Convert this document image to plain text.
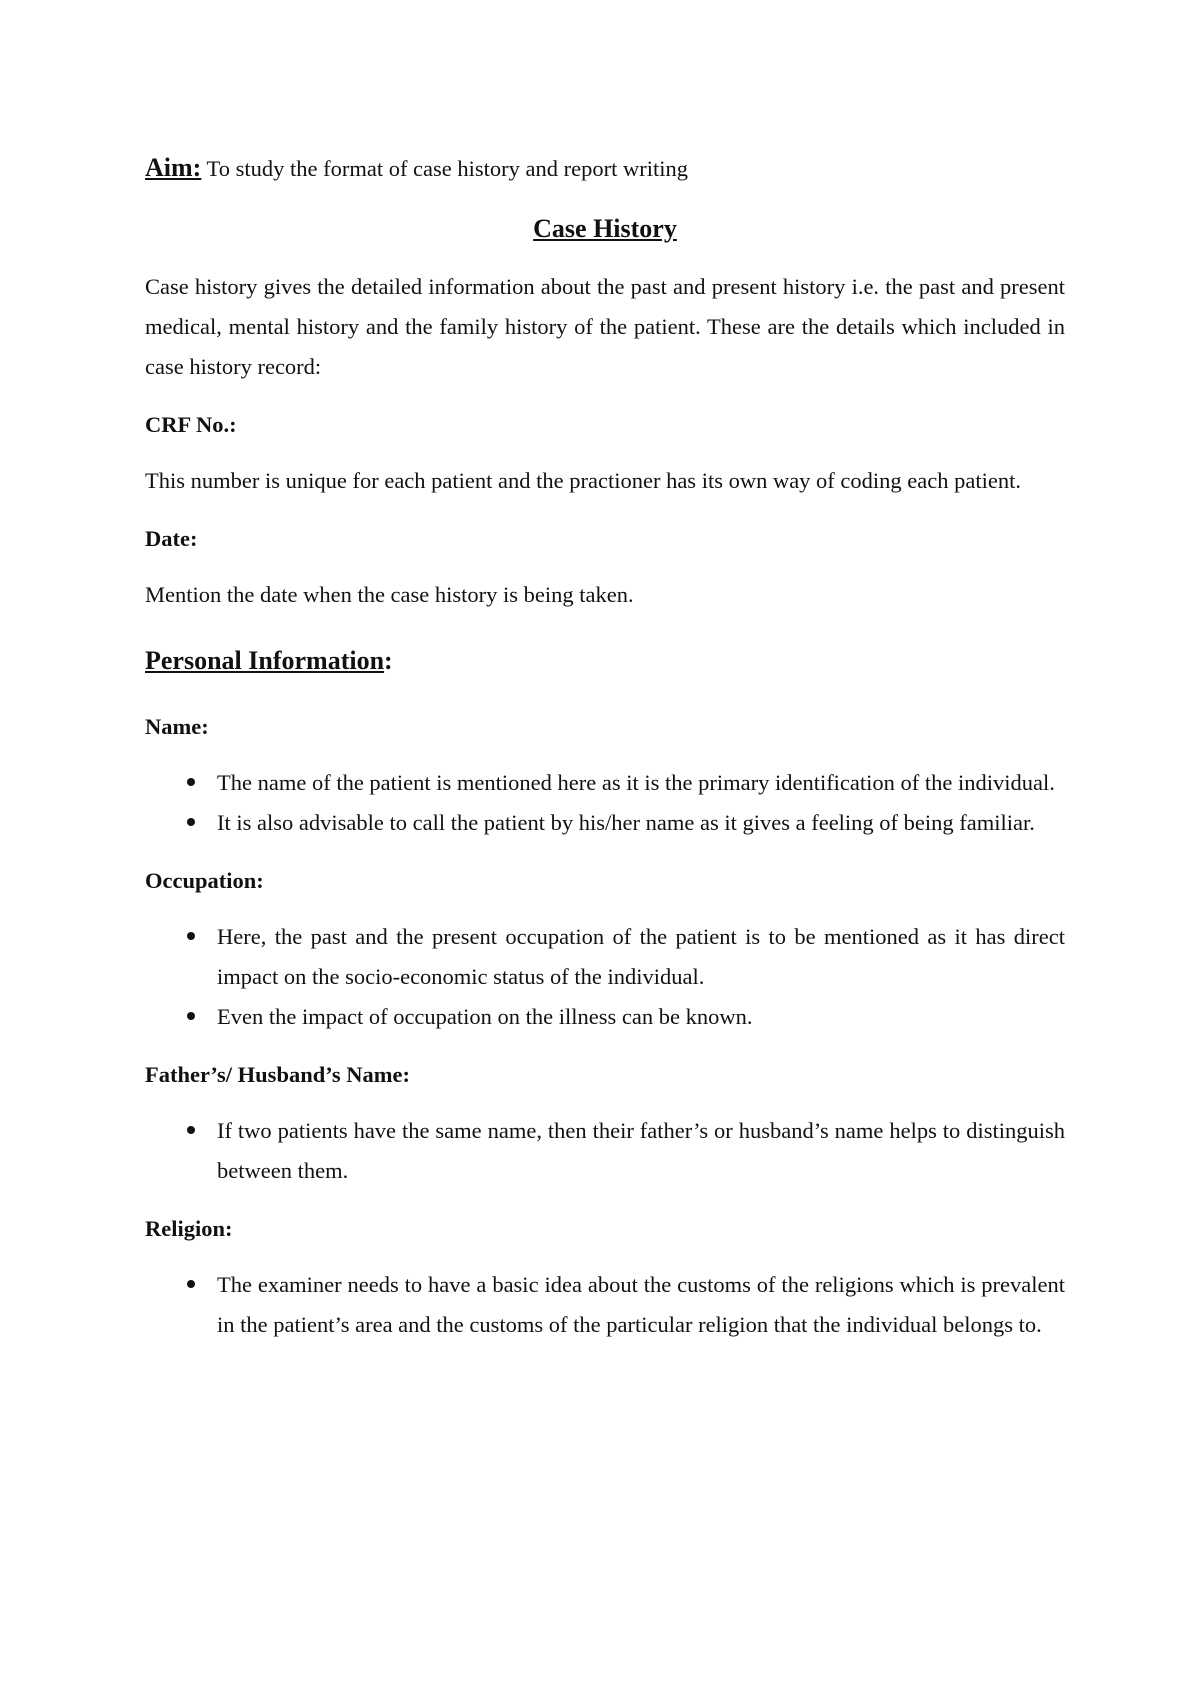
Aim: To study the format of case history and report writing

Case History

Case history gives the detailed information about the past and present history i.e. the past and present medical, mental history and the family history of the patient. These are the details which included in case history record:

CRF No.:

This number is unique for each patient and the practioner has its own way of coding each patient.

Date:

Mention the date when the case history is being taken.

Personal Information:

Name:

The name of the patient is mentioned here as it is the primary identification of the individual.
It is also advisable to call the patient by his/her name as it gives a feeling of being familiar.

Occupation:

Here, the past and the present occupation of the patient is to be mentioned as it has direct impact on the socio-economic status of the individual.
Even the impact of occupation on the illness can be known.

Father’s/ Husband’s Name:

If two patients have the same name, then their father’s or husband’s name helps to distinguish between them.

Religion:

The examiner needs to have a basic idea about the customs of the religions which is prevalent in the patient’s area and the customs of the particular religion that the individual belongs to.
